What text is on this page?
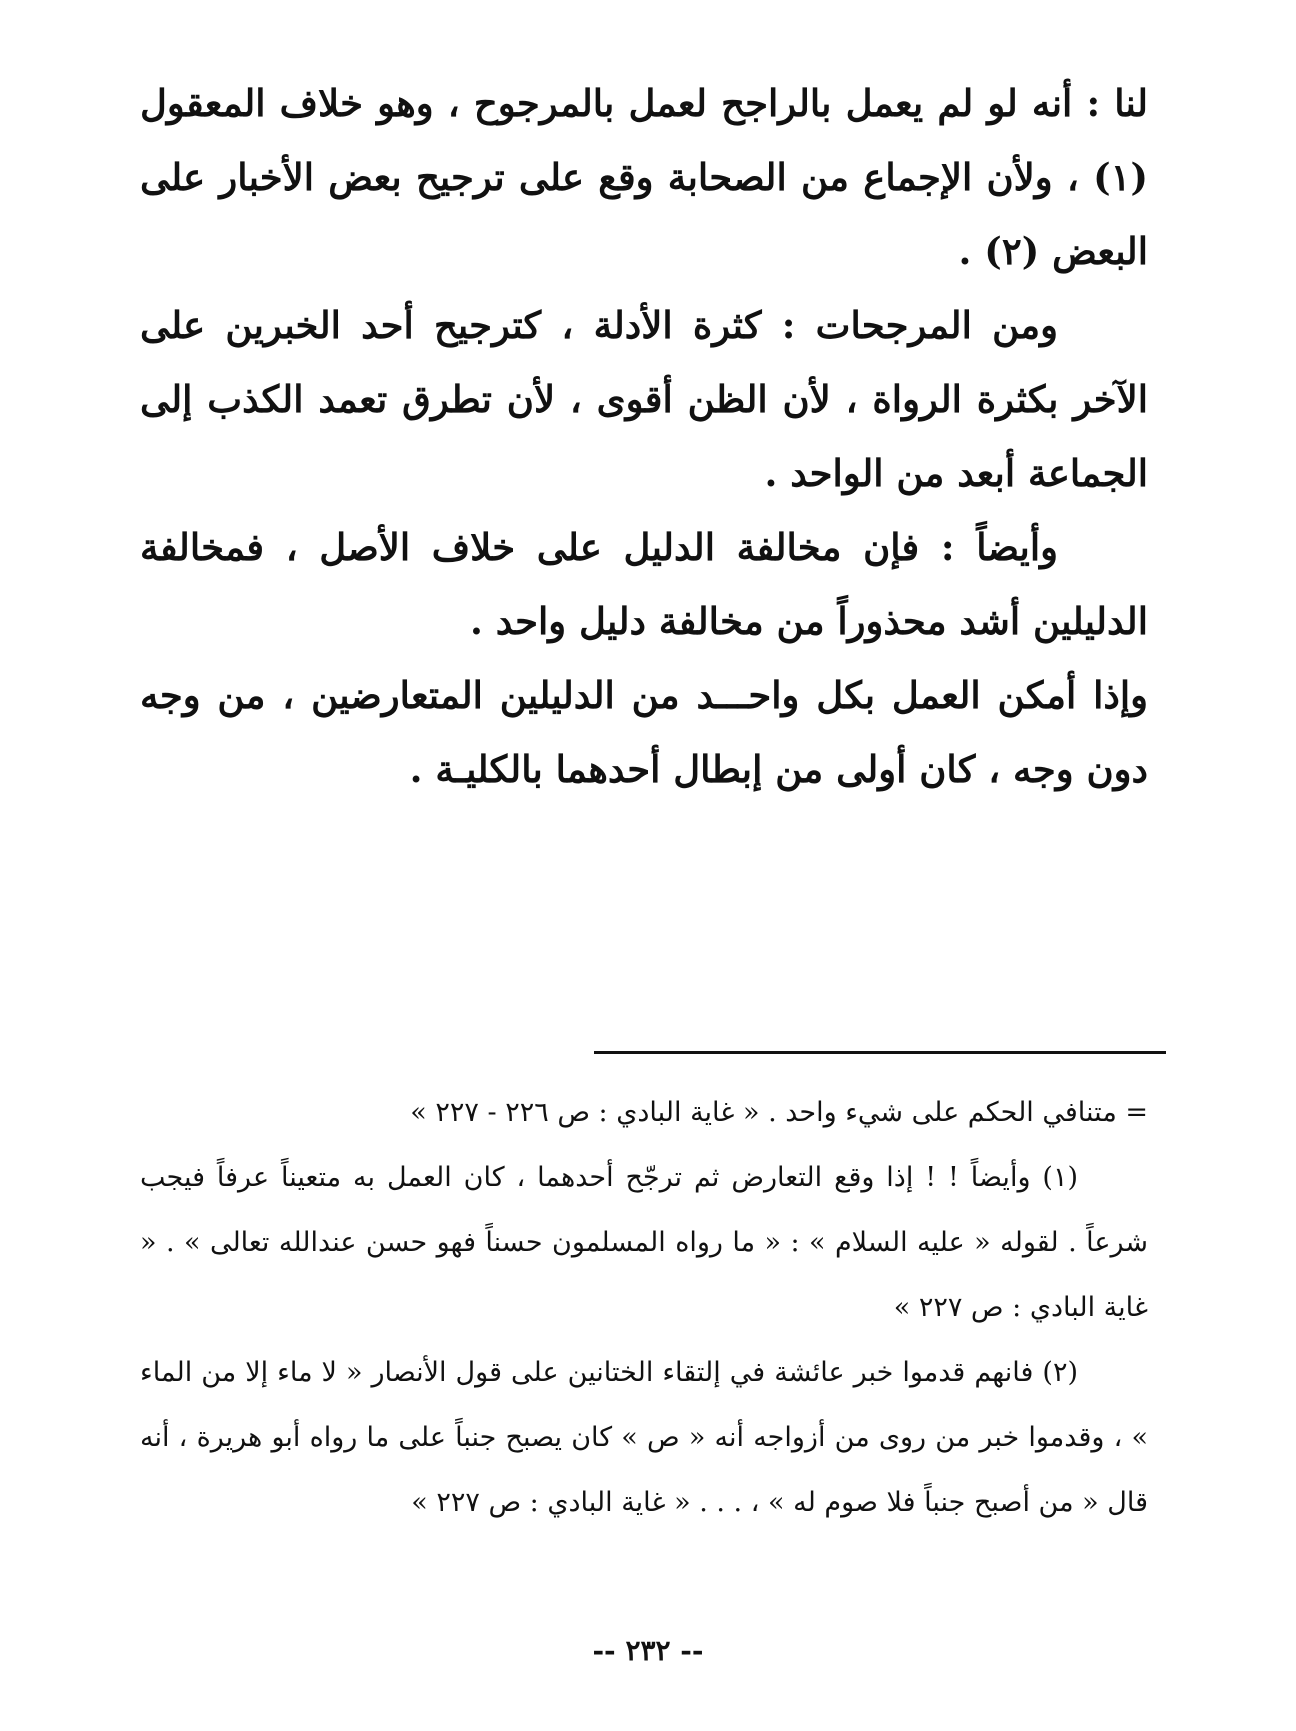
لنا : أنه لو لم يعمل بالراجح لعمل بالمرجوح ، وهو خلاف المعقول (١) ، ولأن الإجماع من الصحابة وقع على ترجيح بعض الأخبار على البعض (٢) .

ومن المرجحات : كثرة الأدلة ، كترجيح أحد الخبرين على الآخر بكثرة الرواة ، لأن الظن أقوى ، لأن تطرق تعمد الكذب إلى الجماعة أبعد من الواحد .

وأيضاً : فإن مخالفة الدليل على خلاف الأصل ، فمخالفة الدليلين أشد محذوراً من مخالفة دليل واحد .

وإذا أمكن العمل بكل واحـــد من الدليلين المتعارضين ، من وجه دون وجه ، كان أولى من إبطال أحدهما بالكليـة .

= متنافي الحكم على شيء واحد . « غاية البادي : ص ٢٢٦ - ٢٢٧ »

(١) وأيضاً ! ! إذا وقع التعارض ثم ترجّح أحدهما ، كان العمل به متعيناً عرفاً فيجب شرعاً . لقوله « عليه السلام » : « ما رواه المسلمون حسناً فهو حسن عندالله تعالى » . « غاية البادي : ص ٢٢٧ »

(٢) فانهم قدموا خبر عائشة في إلتقاء الختانين على قول الأنصار « لا ماء إلا من الماء » ، وقدموا خبر من روى من أزواجه أنه « ص » كان يصبح جنباً على ما رواه أبو هريرة ، أنه قال « من أصبح جنباً فلا صوم له » ، . . . « غاية البادي : ص ٢٢٧ »

-- ٢٣٢ --
